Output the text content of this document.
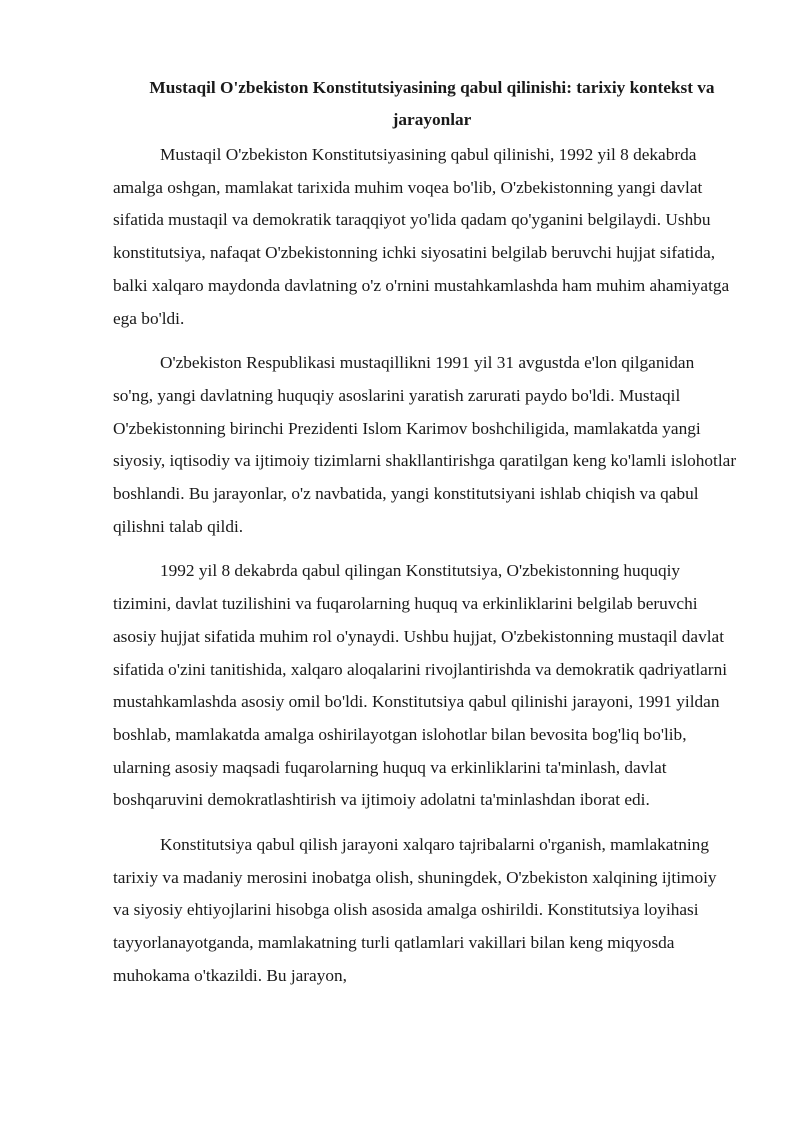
Mustaqil O'zbekiston Konstitutsiyasining qabul qilinishi: tarixiy kontekst va jarayonlar

Mustaqil O'zbekiston Konstitutsiyasining qabul qilinishi, 1992 yil 8 dekabrda amalga oshgan, mamlakat tarixida muhim voqea bo'lib, O'zbekistonning yangi davlat sifatida mustaqil va demokratik taraqqiyot yo'lida qadam qo'yganini belgilaydi. Ushbu konstitutsiya, nafaqat O'zbekistonning ichki siyosatini belgilab beruvchi hujjat sifatida, balki xalqaro maydonda davlatning o'z o'rnini mustahkamlashda ham muhim ahamiyatga ega bo'ldi.

O'zbekiston Respublikasi mustaqillikni 1991 yil 31 avgustda e'lon qilganidan so'ng, yangi davlatning huquqiy asoslarini yaratish zarurati paydo bo'ldi. Mustaqil O'zbekistonning birinchi Prezidenti Islom Karimov boshchiligida, mamlakatda yangi siyosiy, iqtisodiy va ijtimoiy tizimlarni shakllantirishga qaratilgan keng ko'lamli islohotlar boshlandi. Bu jarayonlar, o'z navbatida, yangi konstitutsiyani ishlab chiqish va qabul qilishni talab qildi.

1992 yil 8 dekabrda qabul qilingan Konstitutsiya, O'zbekistonning huquqiy tizimini, davlat tuzilishini va fuqarolarning huquq va erkinliklarini belgilab beruvchi asosiy hujjat sifatida muhim rol o'ynaydi. Ushbu hujjat, O'zbekistonning mustaqil davlat sifatida o'zini tanitishida, xalqaro aloqalarini rivojlantirishda va demokratik qadriyatlarni mustahkamlashda asosiy omil bo'ldi. Konstitutsiya qabul qilinishi jarayoni, 1991 yildan boshlab, mamlakatda amalga oshirilayotgan islohotlar bilan bevosita bog'liq bo'lib, ularning asosiy maqsadi fuqarolarning huquq va erkinliklarini ta'minlash, davlat boshqaruvini demokratlashtirish va ijtimoiy adolatni ta'minlashdan iborat edi.

Konstitutsiya qabul qilish jarayoni xalqaro tajribalarni o'rganish, mamlakatning tarixiy va madaniy merosini inobatga olish, shuningdek, O'zbekiston xalqining ijtimoiy va siyosiy ehtiyojlarini hisobga olish asosida amalga oshirildi. Konstitutsiya loyihasi tayyorlanayotganda, mamlakatning turli qatlamlari vakillari bilan keng miqyosda muhokama o'tkazildi. Bu jarayon,
